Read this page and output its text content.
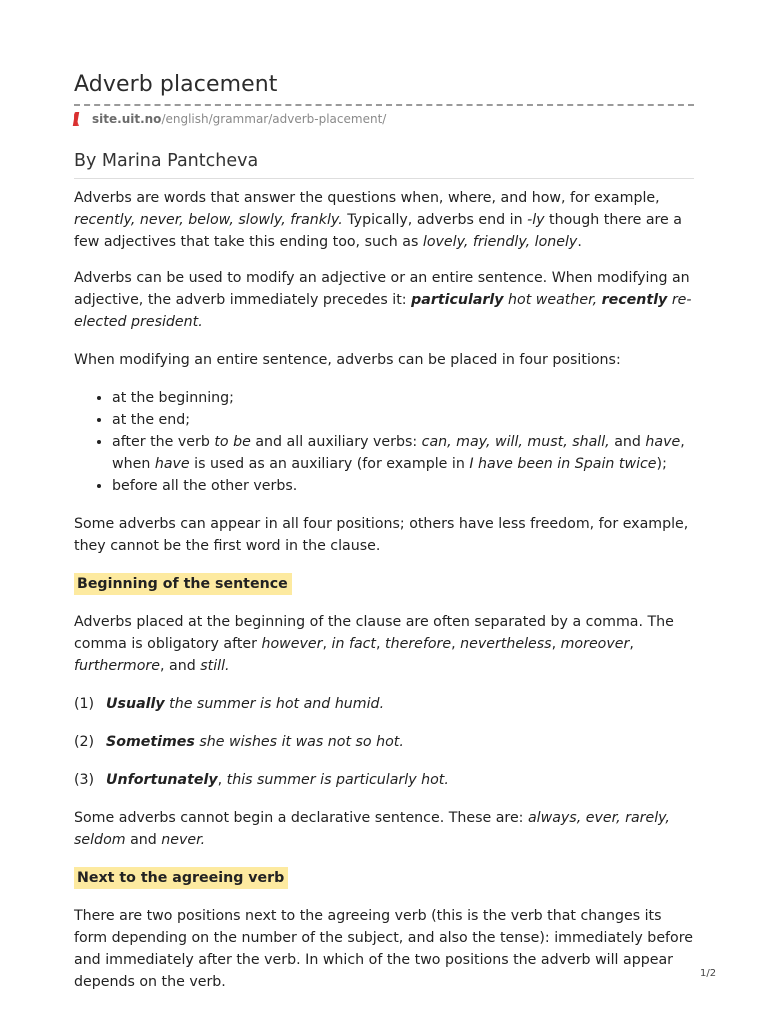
Adverb placement
site.uit.no/english/grammar/adverb-placement/
By Marina Pantcheva

Adverbs are words that answer the questions when, where, and how, for example, recently, never, below, slowly, frankly. Typically, adverbs end in -ly though there are a few adjectives that take this ending too, such as lovely, friendly, lonely.

Adverbs can be used to modify an adjective or an entire sentence. When modifying an adjective, the adverb immediately precedes it: particularly hot weather, recently re-elected president.

When modifying an entire sentence, adverbs can be placed in four positions:

• at the beginning;
• at the end;
• after the verb to be and all auxiliary verbs: can, may, will, must, shall, and have, when have is used as an auxiliary (for example in I have been in Spain twice);
• before all the other verbs.

Some adverbs can appear in all four positions; others have less freedom, for example, they cannot be the first word in the clause.

Beginning of the sentence

Adverbs placed at the beginning of the clause are often separated by a comma. The comma is obligatory after however, in fact, therefore, nevertheless, moreover, furthermore, and still.

(1) Usually the summer is hot and humid.
(2) Sometimes she wishes it was not so hot.
(3) Unfortunately, this summer is particularly hot.

Some adverbs cannot begin a declarative sentence. These are: always, ever, rarely, seldom and never.

Next to the agreeing verb

There are two positions next to the agreeing verb (this is the verb that changes its form depending on the number of the subject, and also the tense): immediately before and immediately after the verb. In which of the two positions the adverb will appear depends on the verb.

1/2
